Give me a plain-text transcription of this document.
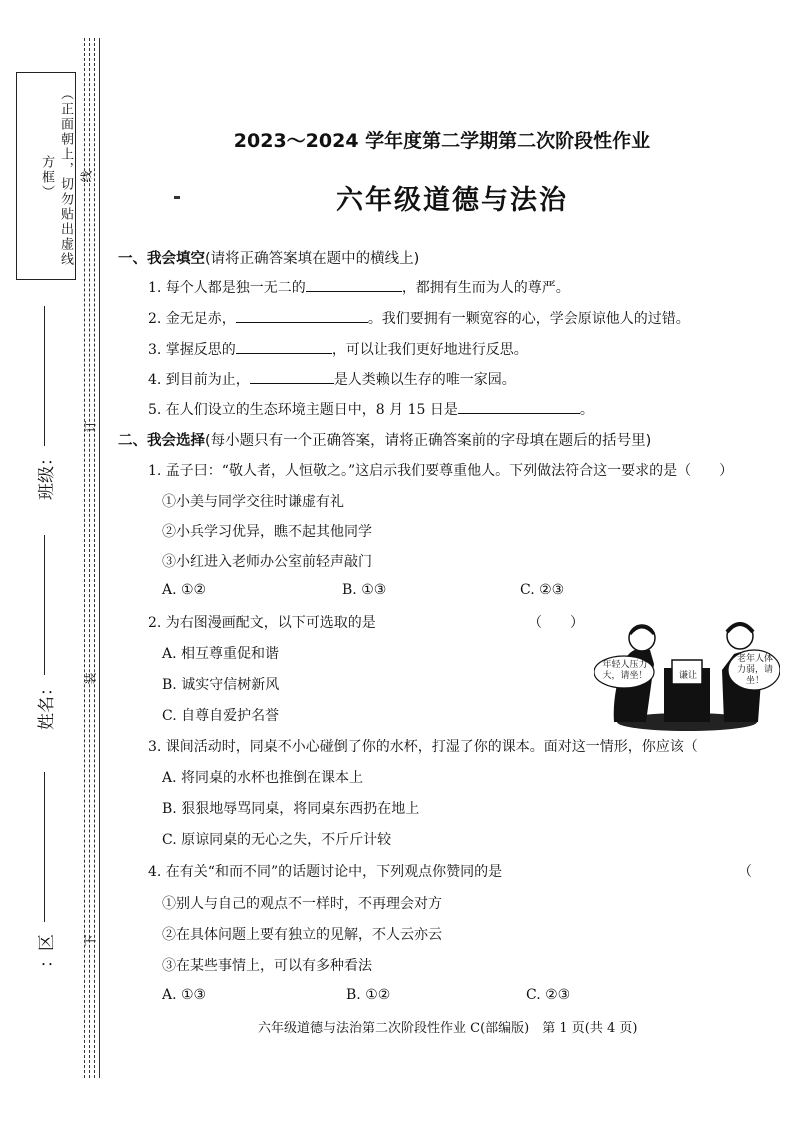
（正面朝上，切勿贴出虚线方框）	线
订
装
下
班级：
姓名：
：区
2023～2024 学年度第二学期第二次阶段性作业
六年级道德与法治
一、我会填空(请将正确答案填在题中的横线上)
1. 每个人都是独一无二的	，都拥有生而为人的尊严。
2. 金无足赤，	。我们要拥有一颗宽容的心，学会原谅他人的过错。
3. 掌握反思的	，可以让我们更好地进行反思。
4. 到目前为止，	是人类赖以生存的唯一家园。
5. 在人们设立的生态环境主题日中，8 月 15 日是	。
二、我会选择(每小题只有一个正确答案，请将正确答案前的字母填在题后的括号里)
1. 孟子曰：“敬人者，人恒敬之。”这启示我们要尊重他人。下列做法符合这一要求的是（　　）
①小美与同学交往时谦虚有礼
②小兵学习优异，瞧不起其他同学
③小红进入老师办公室前轻声敲门
A. ①②	B. ①③	C. ②③
2. 为右图漫画配文，以下可选取的是	（　　）
A. 相互尊重促和谐
B. 诚实守信树新风
C. 自尊自爱护名誉
年轻人压力大，请坐！	谦让
老年人体力弱，请坐！
3. 课间活动时，同桌不小心碰倒了你的水杯，打湿了你的课本。面对这一情形，你应该（
A. 将同桌的水杯也推倒在课本上
B. 狠狠地辱骂同桌，将同桌东西扔在地上
C. 原谅同桌的无心之失，不斤斤计较
4. 在有关“和而不同”的话题讨论中，下列观点你赞同的是	（
①别人与自己的观点不一样时，不再理会对方
②在具体问题上要有独立的见解，不人云亦云
③在某些事情上，可以有多种看法
A. ①③	B. ①②	C. ②③
六年级道德与法治第二次阶段性作业 C(部编版)　第 1 页(共 4 页)
